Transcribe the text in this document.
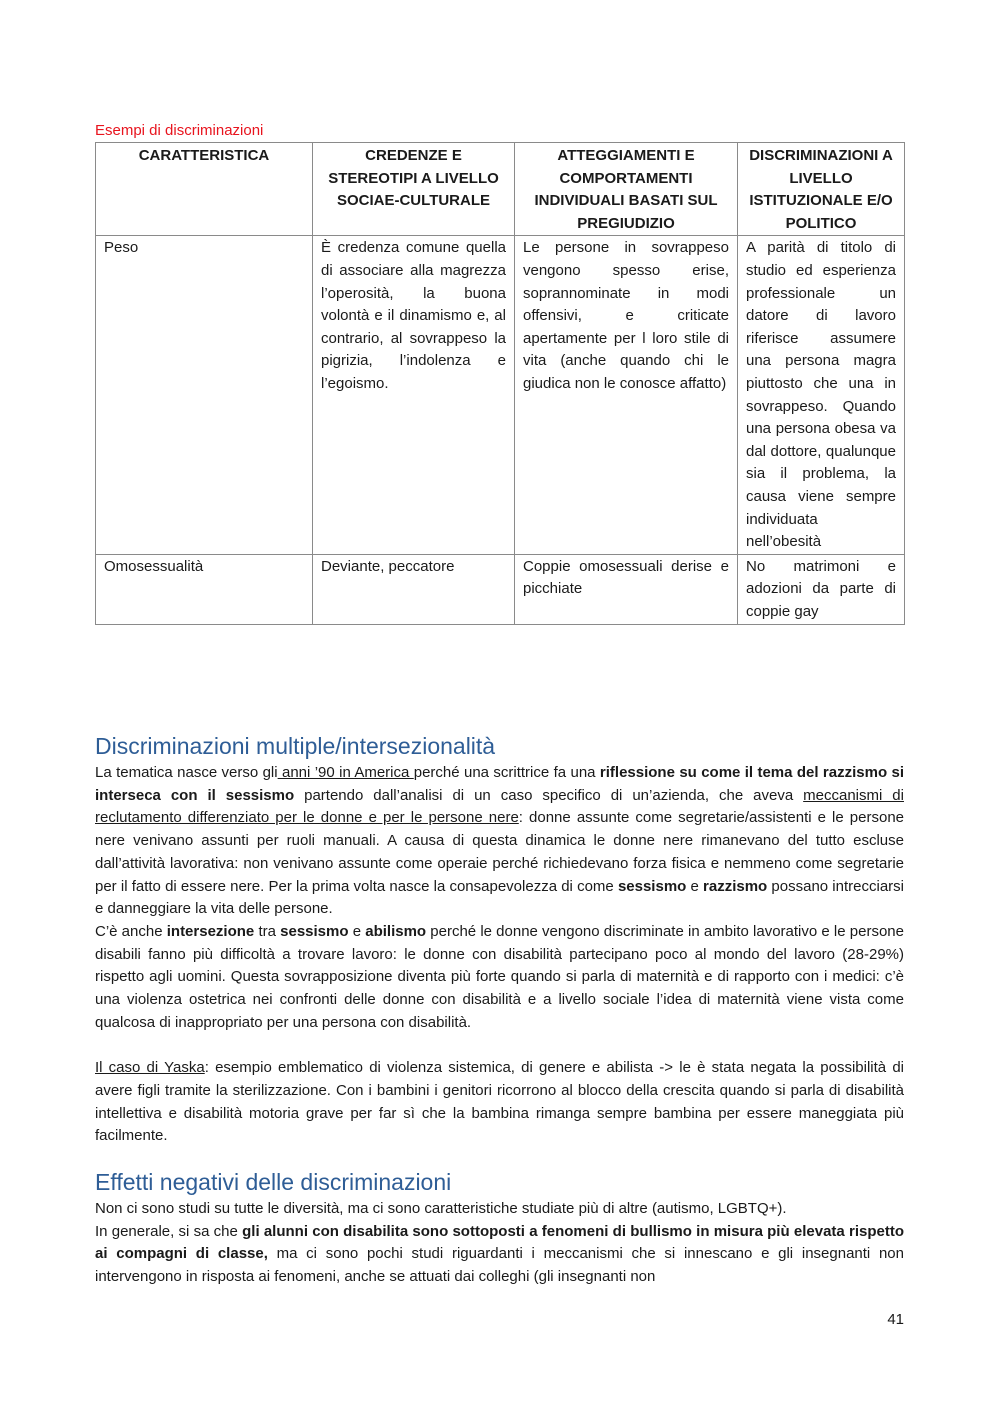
Esempi di discriminazioni
CARATTERISTICA	CREDENZE E STEREOTIPI A LIVELLO SOCIAE-CULTURALE	ATTEGGIAMENTI E COMPORTAMENTI INDIVIDUALI BASATI SUL PREGIUDIZIO	DISCRIMINAZIONI A LIVELLO ISTITUZIONALE E/O POLITICO
Peso	È credenza comune quella di associare alla magrezza l’operosità, la buona volontà e il dinamismo e, al contrario, al sovrappeso la pigrizia, l’indolenza e l’egoismo.	Le persone in sovrappeso vengono spesso erise, soprannominate in modi offensivi, e criticate apertamente per l loro stile di vita (anche quando chi le giudica non le conosce affatto)	A parità di titolo di studio ed esperienza professionale un datore di lavoro riferisce assumere una persona magra piuttosto che una in sovrappeso. Quando una persona obesa va dal dottore, qualunque sia il problema, la causa viene sempre individuata nell’obesità
Omosessualità	Deviante, peccatore	Coppie omosessuali derise e picchiate	No matrimoni e adozioni da parte di coppie gay
Discriminazioni multiple/intersezionalità

La tematica nasce verso gli anni ’90 in America perché una scrittrice fa una riflessione su come il tema del razzismo si interseca con il sessismo partendo dall’analisi di un caso specifico di un’azienda, che aveva meccanismi di reclutamento differenziato per le donne e per le persone nere: donne assunte come segretarie/assistenti e le persone nere venivano assunti per ruoli manuali. A causa di questa dinamica le donne nere rimanevano del tutto escluse dall’attività lavorativa: non venivano assunte come operaie perché richiedevano forza fisica e nemmeno come segretarie per il fatto di essere nere. Per la prima volta nasce la consapevolezza di come sessismo e razzismo possano intrecciarsi e danneggiare la vita delle persone.

C’è anche intersezione tra sessismo e abilismo perché le donne vengono discriminate in ambito lavorativo e le persone disabili fanno più difficoltà a trovare lavoro: le donne con disabilità partecipano poco al mondo del lavoro (28-29%) rispetto agli uomini. Questa sovrapposizione diventa più forte quando si parla di maternità e di rapporto con i medici: c’è una violenza ostetrica nei confronti delle donne con disabilità e a livello sociale l’idea di maternità viene vista come qualcosa di inappropriato per una persona con disabilità.

Il caso di Yaska: esempio emblematico di violenza sistemica, di genere e abilista -> le è stata negata la possibilità di avere figli tramite la sterilizzazione. Con i bambini i genitori ricorrono al blocco della crescita quando si parla di disabilità intellettiva e disabilità motoria grave per far sì che la bambina rimanga sempre bambina per essere maneggiata più facilmente.

Effetti negativi delle discriminazioni

Non ci sono studi su tutte le diversità, ma ci sono caratteristiche studiate più di altre (autismo, LGBTQ+).

In generale, si sa che gli alunni con disabilita sono sottoposti a fenomeni di bullismo in misura più elevata rispetto ai compagni di classe, ma ci sono pochi studi riguardanti i meccanismi che si innescano e gli insegnanti non intervengono in risposta ai fenomeni, anche se attuati dai colleghi (gli insegnanti non

41
